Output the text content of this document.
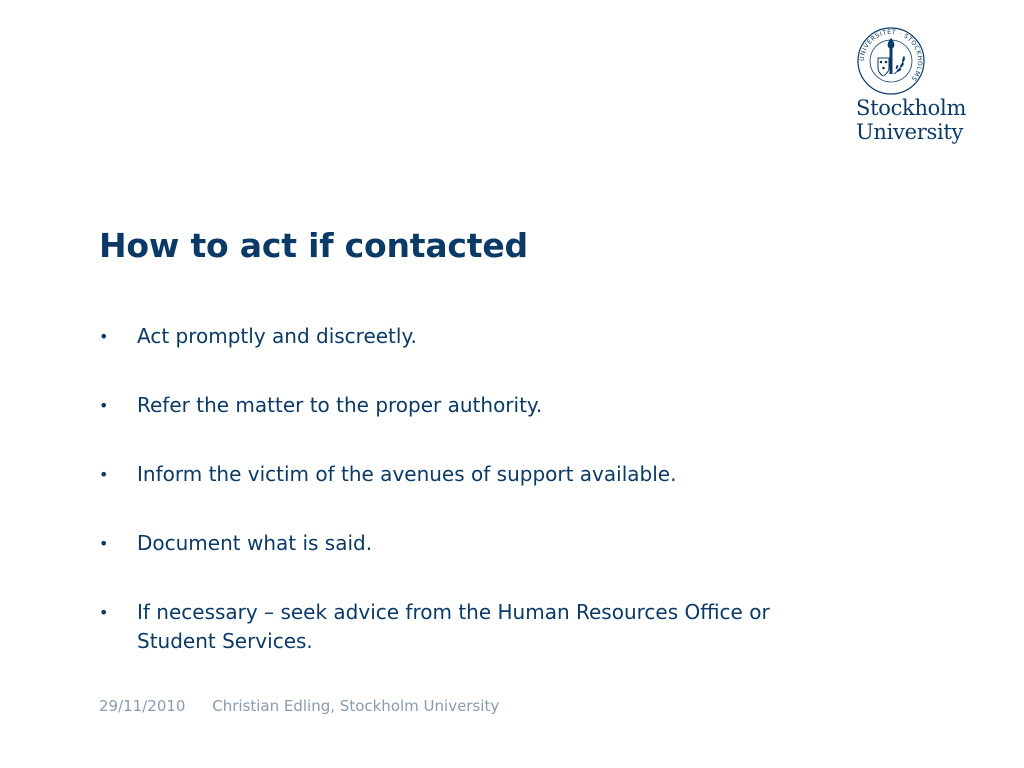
UNIVERSITET · STOCKHOLMS
Stockholm
University
How to act if contacted
• Act promptly and discreetly.
• Refer the matter to the proper authority.
• Inform the victim of the avenues of support available.
• Document what is said.
• If necessary – seek advice from the Human Resources Office or Student Services.
29/11/2010 Christian Edling, Stockholm University
